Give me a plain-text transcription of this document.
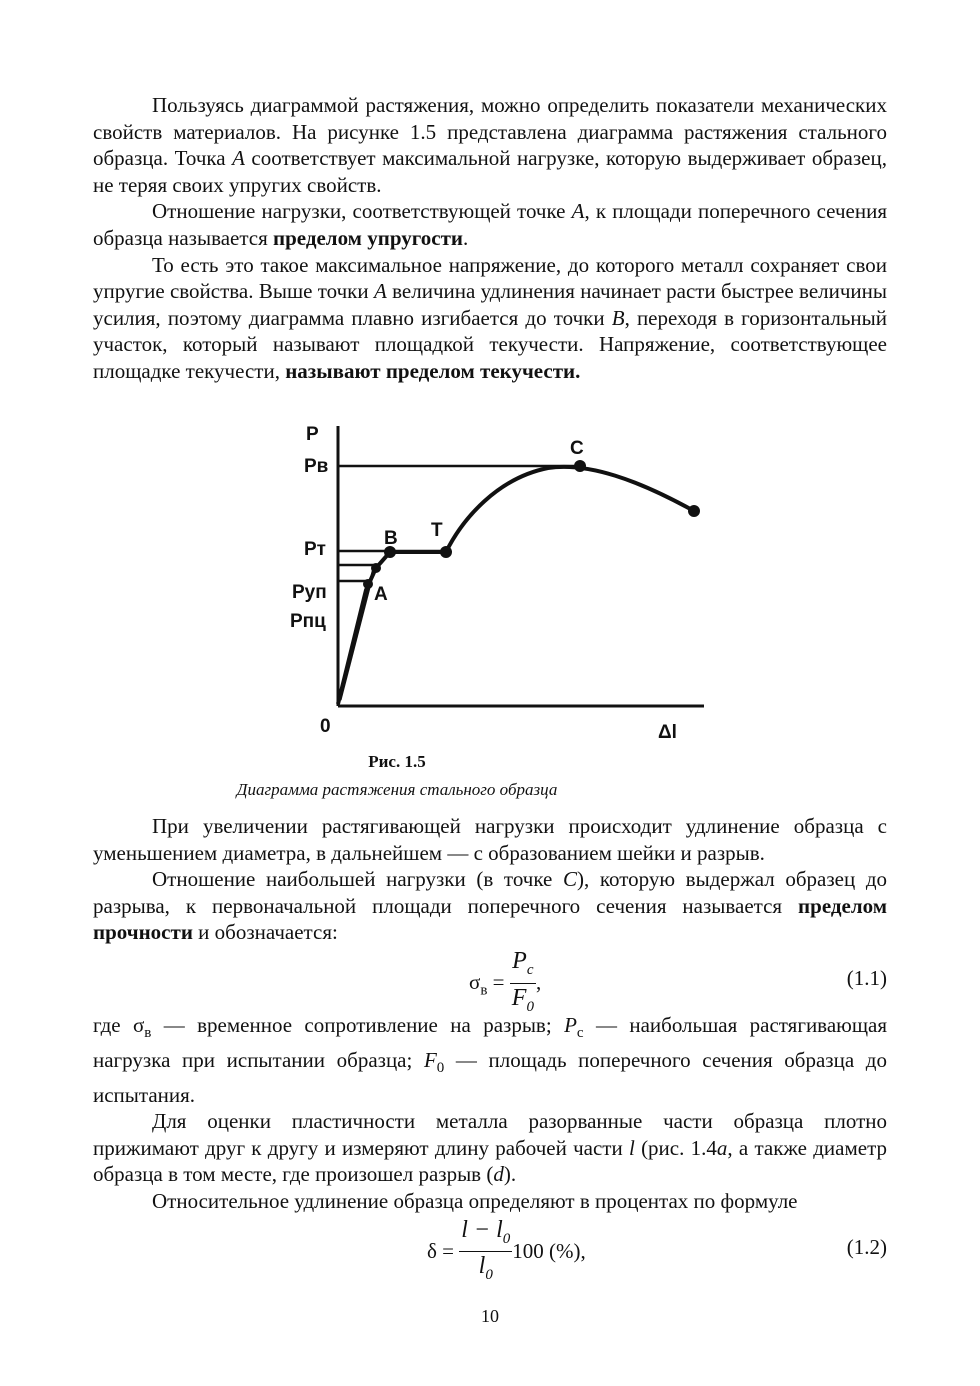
Пользуясь диаграммой растяжения, можно определить показатели механических свойств материалов. На рисунке 1.5 представлена диаграмма растяжения стального образца. Точка A соответствует максимальной нагрузке, которую выдерживает образец, не теряя своих упругих свойств.

Отношение нагрузки, соответствующей точке A, к площади поперечного сечения образца называется пределом упругости.

То есть это такое максимальное напряжение, до которого металл сохраняет свои упругие свойства. Выше точки A величина удлинения начинает расти быстрее величины усилия, поэтому диаграмма плавно изгибается до точки B, переходя в горизонтальный участок, который называют площадкой текучести. Напряжение, соответствующее площадке текучести, называют пределом текучести.

P
Pв
Pт
Pуп
Pпц
A
B T
C
0	Δl
Рис. 1.5
Диаграмма растяжения стального образца

При увеличении растягивающей нагрузки происходит удлинение образца с уменьшением диаметра, в дальнейшем — с образованием шейки и разрыв.

Отношение наибольшей нагрузки (в точке C), которую выдержал образец до разрыва, к первоначальной площади поперечного сечения называется пределом прочности и обозначается:

$\sigma_в = \frac{P_c}{F_0}$ ,	(1.1)

где $\sigma_в$ — временное сопротивление на разрыв; $P_c$ — наибольшая растягивающая нагрузка при испытании образца; $F_0$ — площадь поперечного сечения образца до испытания.

Для оценки пластичности металла разорванные части образца плотно прижимают друг к другу и измеряют длину рабочей части l (рис. 1.4a, а также диаметр образца в том месте, где произошел разрыв (d).

Относительное удлинение образца определяют в процентах по формуле

$\delta = \frac{l - l_0}{l_0} 100$ (%),	(1.2)
10
